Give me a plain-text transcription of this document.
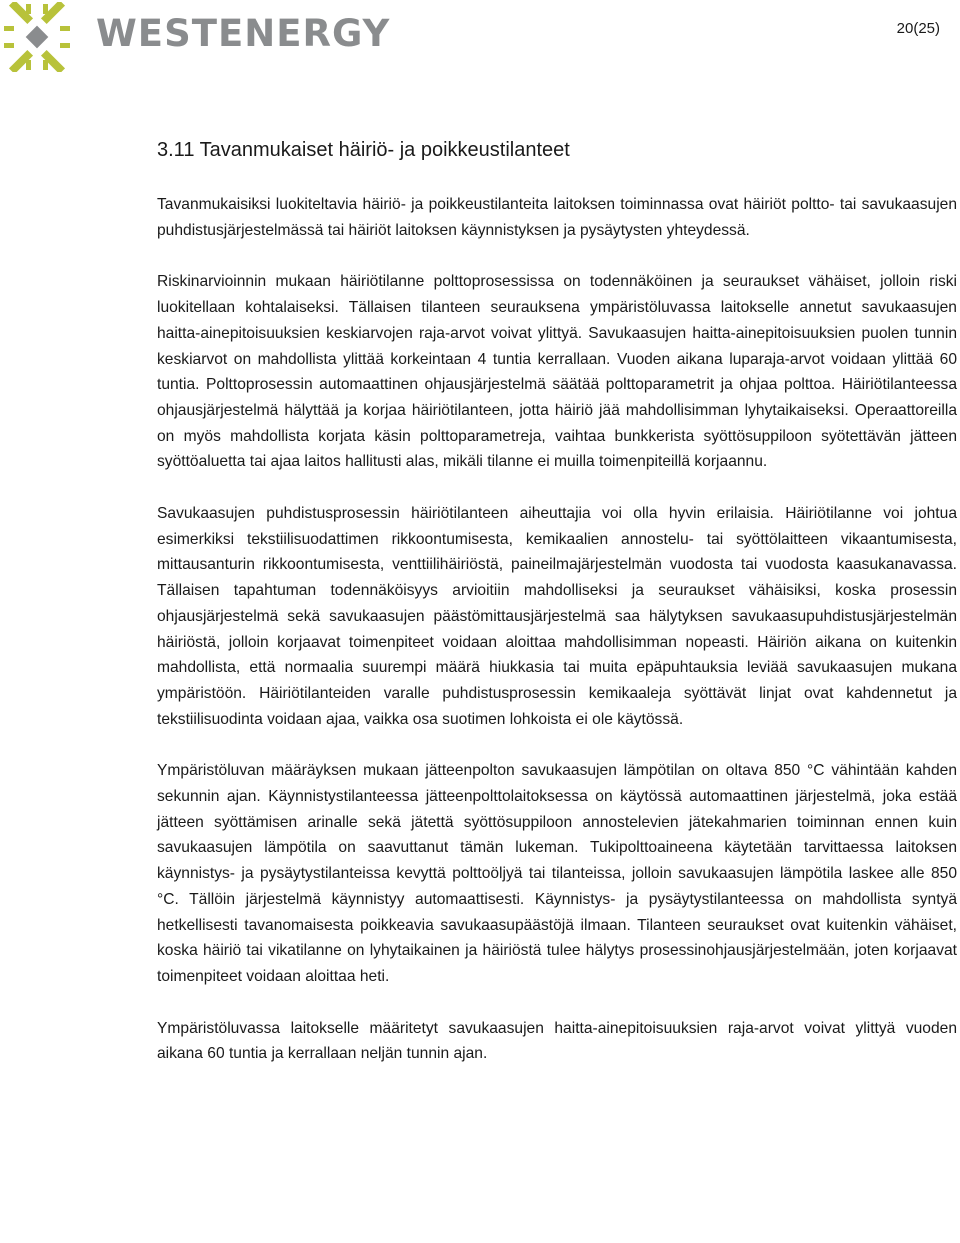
WESTENERGY	20(25)
3.11 Tavanmukaiset häiriö- ja poikkeustilanteet

Tavanmukaisiksi luokiteltavia häiriö- ja poikkeustilanteita laitoksen toiminnassa ovat häiriöt poltto- tai savukaasujen puhdistusjärjestelmässä tai häiriöt laitoksen käynnistyksen ja pysäytysten yhteydessä.

Riskinarvioinnin mukaan häiriötilanne polttoprosessissa on todennäköinen ja seuraukset vähäiset, jolloin riski luokitellaan kohtalaiseksi. Tällaisen tilanteen seurauksena ympäristöluvassa laitokselle annetut savukaasujen haitta-ainepitoisuuksien keskiarvojen raja-arvot voivat ylittyä. Savukaasujen haitta-ainepitoisuuksien puolen tunnin keskiarvot on mahdollista ylittää korkeintaan 4 tuntia kerrallaan. Vuoden aikana luparaja-arvot voidaan ylittää 60 tuntia. Polttoprosessin automaattinen ohjausjärjestelmä säätää polttoparametrit ja ohjaa polttoa. Häiriötilanteessa ohjausjärjestelmä hälyttää ja korjaa häiriötilanteen, jotta häiriö jää mahdollisimman lyhytaikaiseksi. Operaattoreilla on myös mahdollista korjata käsin polttoparametreja, vaihtaa bunkkerista syöttösuppiloon syötettävän jätteen syöttöaluetta tai ajaa laitos hallitusti alas, mikäli tilanne ei muilla toimenpiteillä korjaannu.

Savukaasujen puhdistusprosessin häiriötilanteen aiheuttajia voi olla hyvin erilaisia. Häiriötilanne voi johtua esimerkiksi tekstiilisuodattimen rikkoontumisesta, kemikaalien annostelu- tai syöttölaitteen vikaantumisesta, mittausanturin rikkoontumisesta, venttiilihäiriöstä, paineilmajärjestelmän vuodosta tai vuodosta kaasukanavassa. Tällaisen tapahtuman todennäköisyys arvioitiin mahdolliseksi ja seuraukset vähäisiksi, koska prosessin ohjausjärjestelmä sekä savukaasujen päästömittausjärjestelmä saa hälytyksen savukaasupuhdistusjärjestelmän häiriöstä, jolloin korjaavat toimenpiteet voidaan aloittaa mahdollisimman nopeasti. Häiriön aikana on kuitenkin mahdollista, että normaalia suurempi määrä hiukkasia tai muita epäpuhtauksia leviää savukaasujen mukana ympäristöön. Häiriötilanteiden varalle puhdistusprosessin kemikaaleja syöttävät linjat ovat kahdennetut ja tekstiilisuodinta voidaan ajaa, vaikka osa suotimen lohkoista ei ole käytössä.

Ympäristöluvan määräyksen mukaan jätteenpolton savukaasujen lämpötilan on oltava 850 °C vähintään kahden sekunnin ajan. Käynnistystilanteessa jätteenpolttolaitoksessa on käytössä automaattinen järjestelmä, joka estää jätteen syöttämisen arinalle sekä jätettä syöttösuppiloon annostelevien jätekahmarien toiminnan ennen kuin savukaasujen lämpötila on saavuttanut tämän lukeman. Tukipolttoaineena käytetään tarvittaessa laitoksen käynnistys- ja pysäytystilanteissa kevyttä polttoöljyä tai tilanteissa, jolloin savukaasujen lämpötila laskee alle 850 °C. Tällöin järjestelmä käynnistyy automaattisesti. Käynnistys- ja pysäytystilanteessa on mahdollista syntyä hetkellisesti tavanomaisesta poikkeavia savukaasupäästöjä ilmaan. Tilanteen seuraukset ovat kuitenkin vähäiset, koska häiriö tai vikatilanne on lyhytaikainen ja häiriöstä tulee hälytys prosessinohjausjärjestelmään, joten korjaavat toimenpiteet voidaan aloittaa heti.

Ympäristöluvassa laitokselle määritetyt savukaasujen haitta-ainepitoisuuksien raja-arvot voivat ylittyä vuoden aikana 60 tuntia ja kerrallaan neljän tunnin ajan.
